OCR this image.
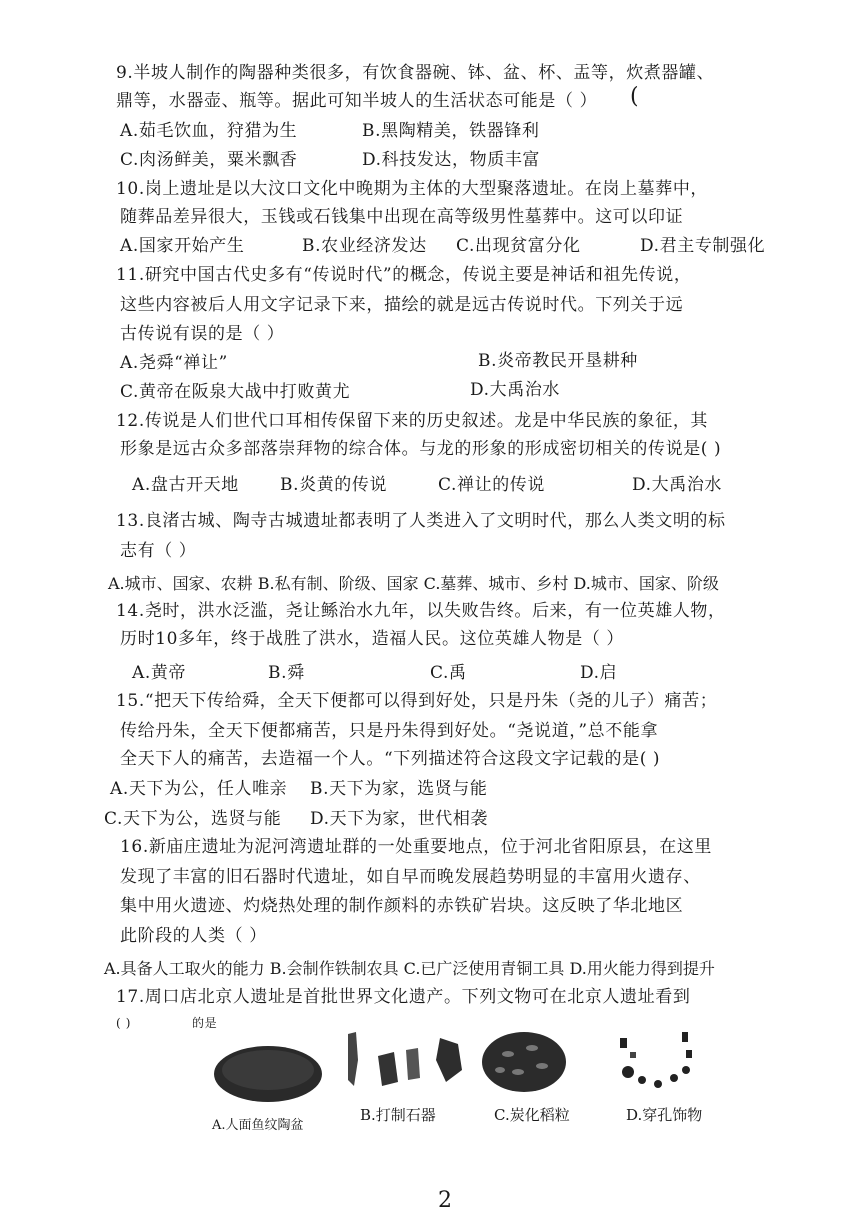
9.半坡人制作的陶器种类很多，有饮食器碗、钵、盆、杯、盂等，炊煮器罐、
鼎等，水器壶、瓶等。据此可知半坡人的生活状态可能是（ ） (
A.茹毛饮血，狩猎为生	B.黑陶精美，铁器锋利
C.肉汤鲜美，粟米飘香	D.科技发达，物质丰富
10.岗上遗址是以大汶口文化中晚期为主体的大型聚落遗址。在岗上墓葬中，
随葬品差异很大，玉钱或石钱集中出现在高等级男性墓葬中。这可以印证
A.国家开始产生	B.农业经济发达 C.出现贫富分化	D.君主专制强化
11.研究中国古代史多有“传说时代”的概念，传说主要是神话和祖先传说，
这些内容被后人用文字记录下来，描绘的就是远古传说时代。下列关于远
古传说有误的是（ ）
A.尧舜“禅让”	B.炎帝教民开垦耕种
C.黄帝在阪泉大战中打败黄尤	D.大禹治水
12.传说是人们世代口耳相传保留下来的历史叙述。龙是中华民族的象征，其
形象是远古众多部落崇拜物的综合体。与龙的形象的形成密切相关的传说是( )
A.盘古开天地 B.炎黄的传说	C.禅让的传说	D.大禹治水
13.良渚古城、陶寺古城遗址都表明了人类进入了文明时代，那么人类文明的标
志有（ ）
A.城市、国家、农耕 B.私有制、阶级、国家 C.墓葬、城市、乡村 D.城市、国家、阶级
14.尧时，洪水泛滥，尧让鲧治水九年，以失败告终。后来，有一位英雄人物，
历时10多年，终于战胜了洪水，造福人民。这位英雄人物是（ ）
A.黄帝	B.舜	C.禹	D.启
15.“把天下传给舜，全天下便都可以得到好处，只是丹朱（尧的儿子）痛苦；
传给丹朱，全天下便都痛苦，只是丹朱得到好处。“尧说道，”总不能拿
全天下人的痛苦，去造福一个人。“下列描述符合这段文字记载的是( )
A.天下为公，任人唯亲 B.天下为家，选贤与能
C.天下为公，选贤与能 D.天下为家，世代相袭
16.新庙庄遗址为泥河湾遗址群的一处重要地点，位于河北省阳原县，在这里
发现了丰富的旧石器时代遗址，如自早而晚发展趋势明显的丰富用火遗存、
集中用火遗迹、灼烧热处理的制作颜料的赤铁矿岩块。这反映了华北地区
此阶段的人类（ ）
A.具备人工取火的能力 B.会制作铁制农具 C.已广泛使用青铜工具 D.用火能力得到提升
17.周口店北京人遗址是首批世界文化遗产。下列文物可在北京人遗址看到
( )	的是
A.人面鱼纹陶盆
B.打制石器	C.炭化稻粒	D.穿孔饰物
2
